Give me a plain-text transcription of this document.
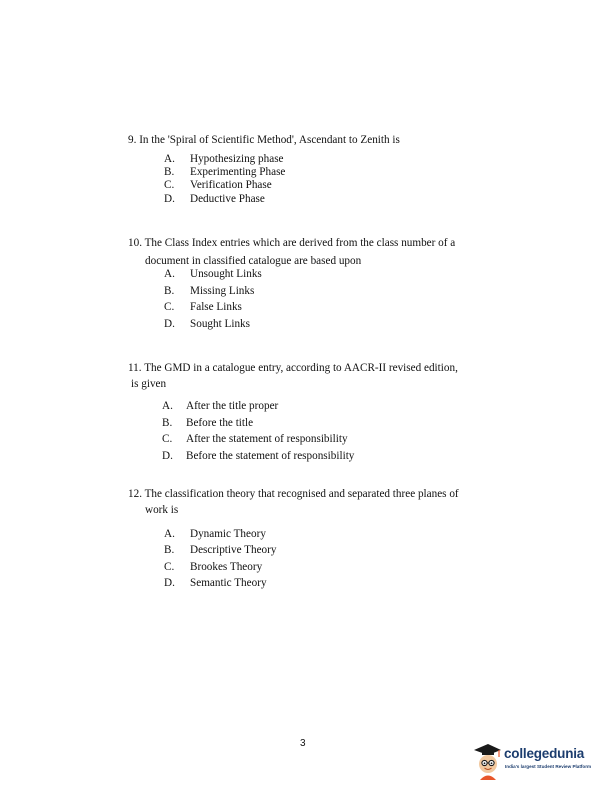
9. In the 'Spiral of Scientific Method', Ascendant to Zenith is
A. Hypothesizing phase
B. Experimenting Phase
C. Verification Phase
D. Deductive Phase
10. The Class Index entries which are derived from the class number of a
document in classified catalogue are based upon
A. Unsought Links
B. Missing Links
C. False Links
D. Sought Links
11. The GMD in a catalogue entry, according to AACR-II revised edition,
is given
A. After the title proper
B. Before the title
C. After the statement of responsibility
D. Before the statement of responsibility
12. The classification theory that recognised and separated three planes of
work is
A. Dynamic Theory
B. Descriptive Theory
C. Brookes Theory
D. Semantic Theory
3
collegedunia
India's largest Student Review Platform
